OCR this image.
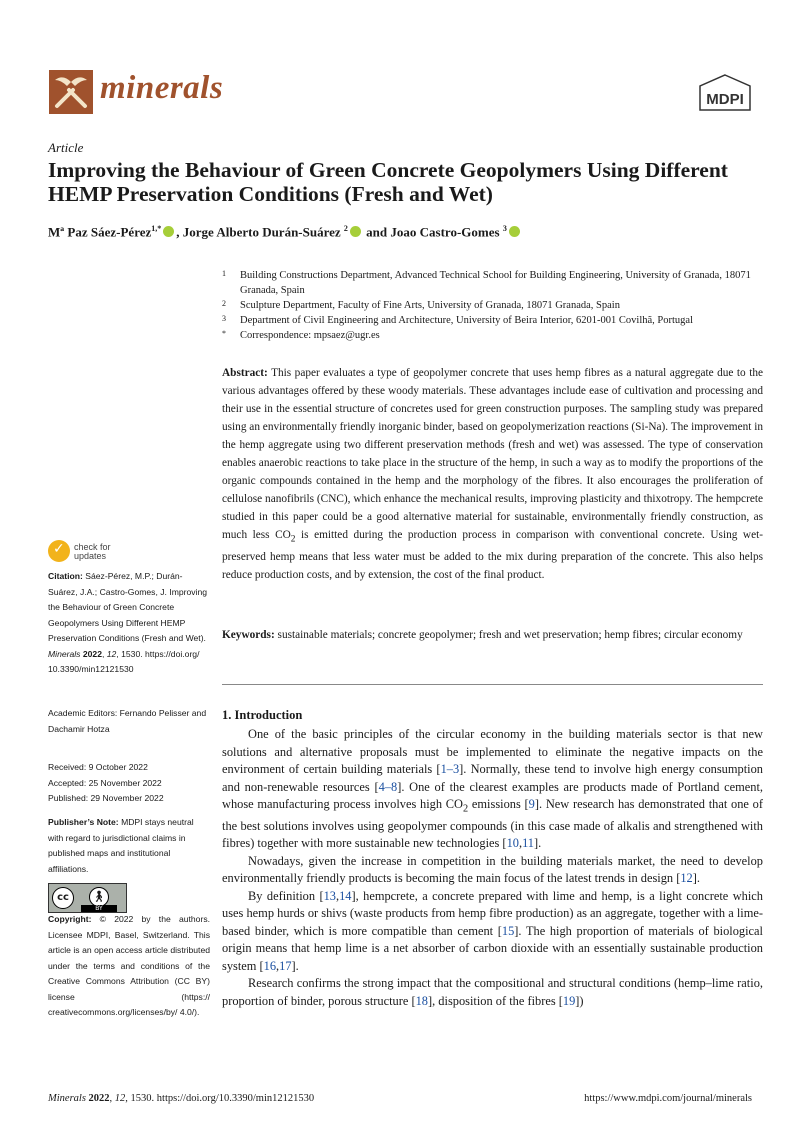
minerals	MDPI
Article
Improving the Behaviour of Green Concrete Geopolymers Using Different HEMP Preservation Conditions (Fresh and Wet)
Mª Paz Sáez-Pérez$^{1,*}$ , Jorge Alberto Durán-Suárez $^2$ and Joao Castro-Gomes $^3$
1 Building Constructions Department, Advanced Technical School for Building Engineering, University of Granada, 18071 Granada, Spain
2 Sculpture Department, Faculty of Fine Arts, University of Granada, 18071 Granada, Spain
3 Department of Civil Engineering and Architecture, University of Beira Interior, 6201-001 Covilhã, Portugal
* Correspondence: mpsaez@ugr.es
Abstract: This paper evaluates a type of geopolymer concrete that uses hemp fibres as a natural aggregate due to the various advantages offered by these woody materials. These advantages include ease of cultivation and processing and their use in the essential structure of concretes used for green construction purposes. The sampling study was prepared using an environmentally friendly inorganic binder, based on geopolymerization reactions (Si-Na). The improvement in the hemp aggregate using two different preservation methods (fresh and wet) was assessed. The type of conservation enables anaerobic reactions to take place in the structure of the hemp, in such a way as to modify the proportions of the organic compounds contained in the hemp and the morphology of the fibres. It also encourages the proliferation of cellulose nanofibrils (CNC), which enhance the mechanical results, improving plasticity and thixotropy. The hempcrete studied in this paper could be a good alternative material for sustainable, environmentally friendly construction, as much less $CO_2$ is emitted during the production process in comparison with conventional concrete. Using wet-preserved hemp means that less water must be added to the mix during preparation of the concrete. This also helps reduce production costs, and by extension, the cost of the final product.
Keywords: sustainable materials; concrete geopolymer; fresh and wet preservation; hemp fibres; circular economy
1. Introduction

One of the basic principles of the circular economy in the building materials sector is that new solutions and alternative proposals must be implemented to eliminate the negative impacts on the environment of certain building materials [1–3]. Normally, these tend to involve high energy consumption and non-renewable resources [4–8]. One of the clearest examples are products made of Portland cement, whose manufacturing process involves high $CO_2$ emissions [9]. New research has demonstrated that one of the best solutions involves using geopolymer compounds (in this case made of alkalis and strengthened with fibres) together with more sustainable new technologies [10,11].

Nowadays, given the increase in competition in the building materials market, the need to develop environmentally friendly products is becoming the main focus of the latest trends in design [12].

By definition [13,14], hempcrete, a concrete prepared with lime and hemp, is a light concrete which uses hemp hurds or shivs (waste products from hemp fibre production) as an aggregate, together with a lime-based binder, which is more compatible than cement [15]. The high proportion of materials of biological origin means that hemp lime is a net absorber of carbon dioxide with an essentially sustainable production system [16,17].

Research confirms the strong impact that the compositional and structural conditions (hemp–lime ratio, proportion of binder, porous structure [18], disposition of the fibres [19])

✓
check for updates
Citation: Sáez-Pérez, M.P.; Durán-Suárez, J.A.; Castro-Gomes, J. Improving the Behaviour of Green Concrete Geopolymers Using Different HEMP Preservation Conditions (Fresh and Wet). Minerals 2022, 12, 1530. https://doi.org/ 10.3390/min12121530
Academic Editors: Fernando Pelisser and Dachamir Hotza
Received: 9 October 2022
Accepted: 25 November 2022
Published: 29 November 2022
Publisher’s Note: MDPI stays neutral with regard to jurisdictional claims in published maps and institutional affiliations.
cc	🚶︎
BY
Copyright: © 2022 by the authors. Licensee MDPI, Basel, Switzerland. This article is an open access article distributed under the terms and conditions of the Creative Commons Attribution (CC BY) license (https:// creativecommons.org/licenses/by/ 4.0/).
Minerals 2022, 12, 1530. https://doi.org/10.3390/min12121530	https://www.mdpi.com/journal/minerals
